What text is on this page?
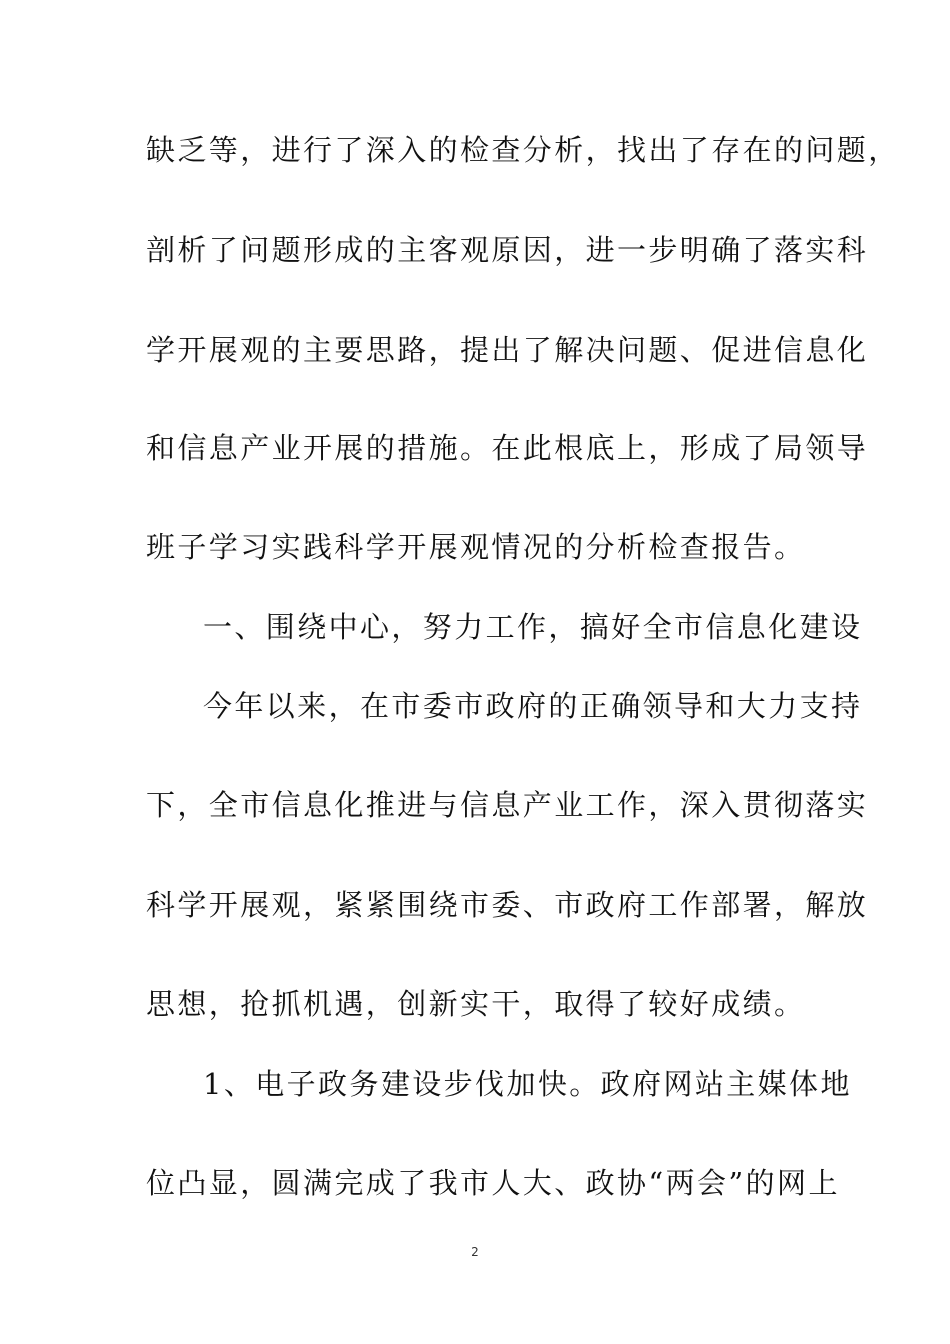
缺乏等，进行了深入的检查分析，找出了存在的问题，
剖析了问题形成的主客观原因，进一步明确了落实科
学开展观的主要思路，提出了解决问题、促进信息化
和信息产业开展的措施。在此根底上，形成了局领导
班子学习实践科学开展观情况的分析检查报告。
一、围绕中心，努力工作，搞好全市信息化建设
今年以来，在市委市政府的正确领导和大力支持
下，全市信息化推进与信息产业工作，深入贯彻落实
科学开展观，紧紧围绕市委、市政府工作部署，解放
思想，抢抓机遇，创新实干，取得了较好成绩。
1、电子政务建设步伐加快。政府网站主媒体地
位凸显，圆满完成了我市人大、政协“两会”的网上
2
